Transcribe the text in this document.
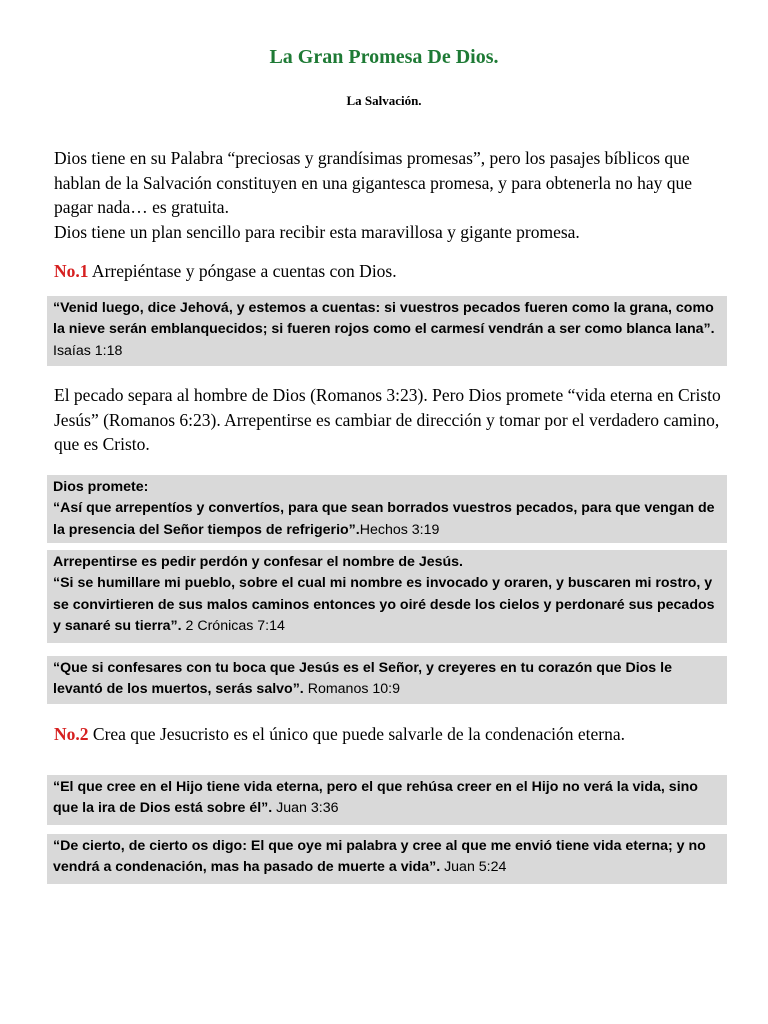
La Gran Promesa De Dios.
La Salvación.
Dios tiene en su Palabra “preciosas y grandísimas promesas”, pero los pasajes bíblicos que hablan de la Salvación constituyen en una gigantesca promesa, y para obtenerla no hay que pagar nada… es gratuita.
Dios tiene un plan sencillo para recibir esta maravillosa y gigante promesa.
No.1 Arrepiéntase y póngase a cuentas con Dios.
“Venid luego, dice Jehová, y estemos a cuentas: si vuestros pecados fueren como la grana, como la nieve serán emblanquecidos; si fueren rojos como el carmesí vendrán a ser como blanca lana”. Isaías 1:18
El pecado separa al hombre de Dios (Romanos 3:23). Pero Dios promete “vida eterna en Cristo Jesús” (Romanos 6:23). Arrepentirse es cambiar de dirección y tomar por el verdadero camino, que es Cristo.
Dios promete:
“Así que arrepentíos y convertíos, para que sean borrados vuestros pecados, para que vengan de la presencia del Señor tiempos de refrigerio”.Hechos 3:19
Arrepentirse es pedir perdón y confesar el nombre de Jesús.
“Si se humillare mi pueblo, sobre el cual mi nombre es invocado y oraren, y buscaren mi rostro, y se convirtieren de sus malos caminos entonces yo oiré desde los cielos y perdonaré sus pecados y sanaré su tierra”. 2 Crónicas 7:14
“Que si confesares con tu boca que Jesús es el Señor, y creyeres en tu corazón que Dios le levantó de los muertos, serás salvo”. Romanos 10:9
No.2 Crea que Jesucristo es el único que puede salvarle de la condenación eterna.
“El que cree en el Hijo tiene vida eterna, pero el que rehúsa creer en el Hijo no verá la vida, sino que la ira de Dios está sobre él”. Juan 3:36
“De cierto, de cierto os digo: El que oye mi palabra y cree al que me envió tiene vida eterna; y no vendrá a condenación, mas ha pasado de muerte a vida”. Juan 5:24
